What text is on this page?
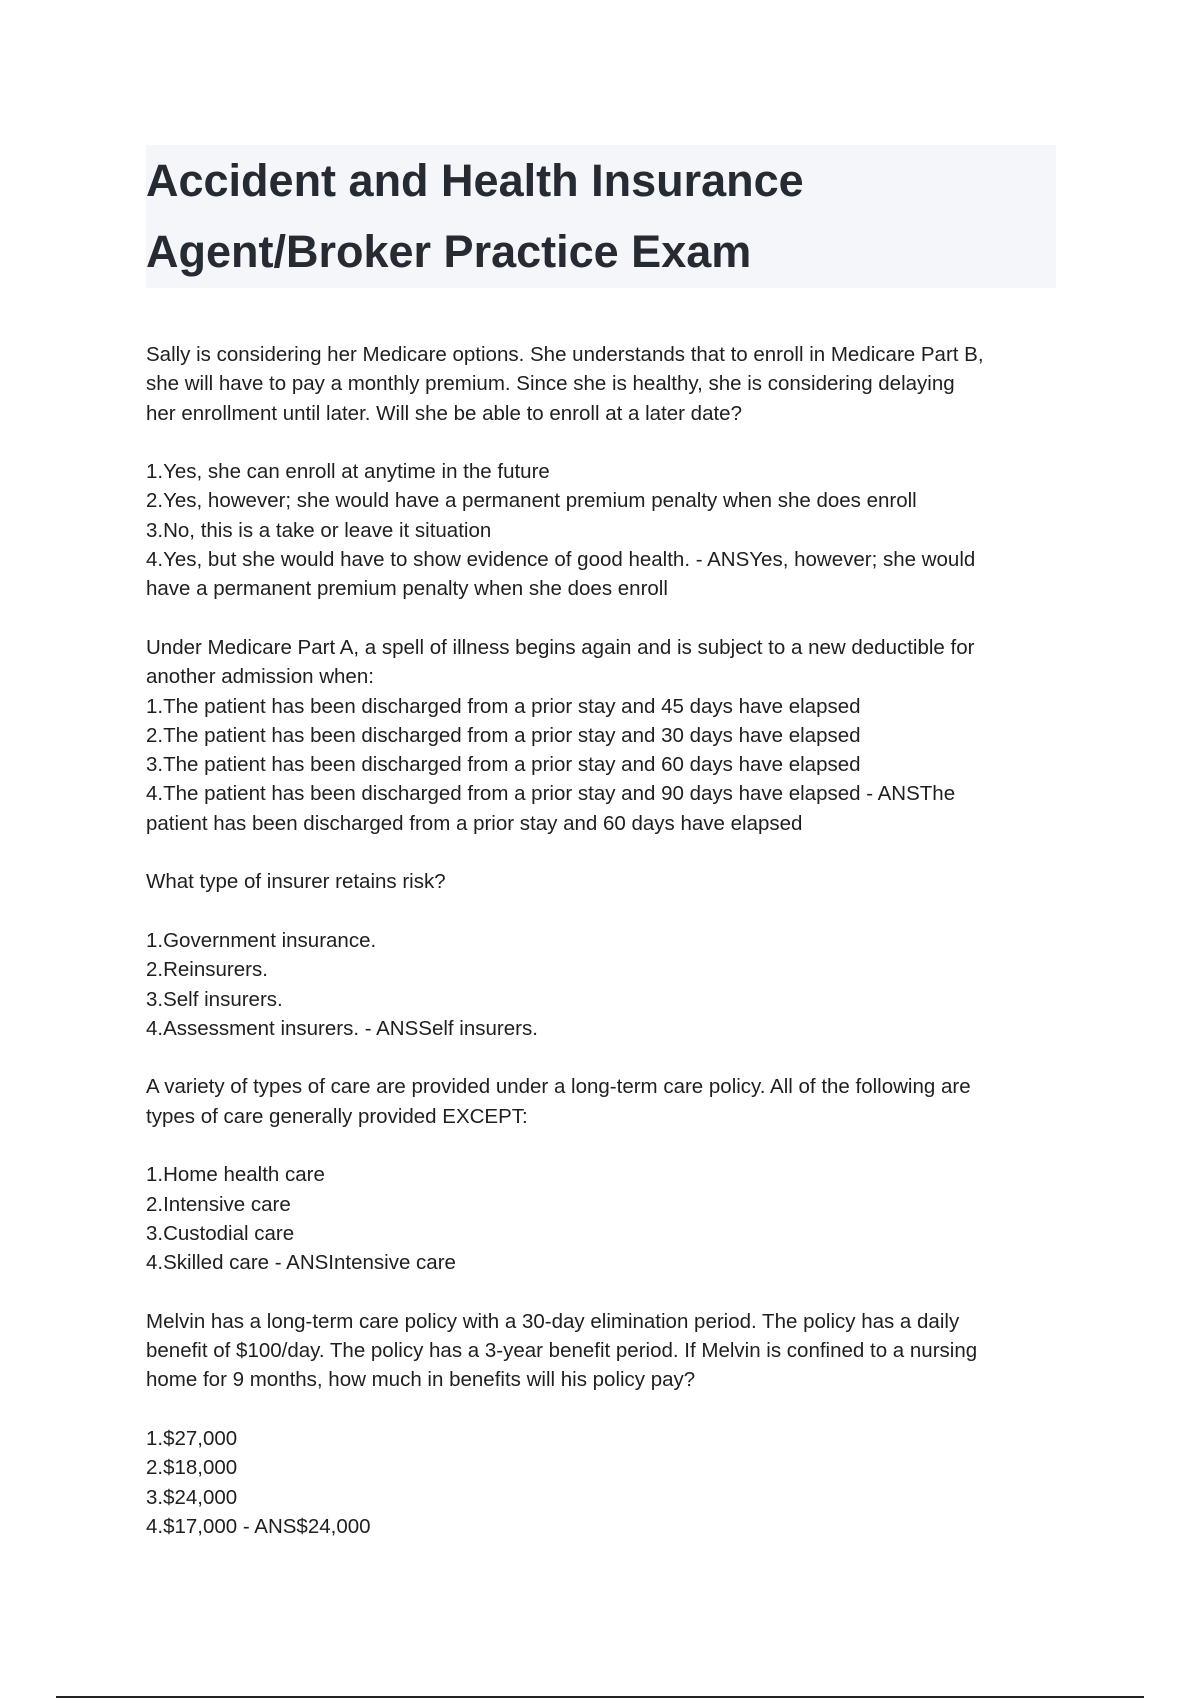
Accident and Health Insurance
Agent/Broker Practice Exam

Sally is considering her Medicare options. She understands that to enroll in Medicare Part B,
she will have to pay a monthly premium. Since she is healthy, she is considering delaying
her enrollment until later. Will she be able to enroll at a later date?

1.Yes, she can enroll at anytime in the future
2.Yes, however; she would have a permanent premium penalty when she does enroll
3.No, this is a take or leave it situation
4.Yes, but she would have to show evidence of good health. - ANSYes, however; she would
have a permanent premium penalty when she does enroll

Under Medicare Part A, a spell of illness begins again and is subject to a new deductible for
another admission when:

1.The patient has been discharged from a prior stay and 45 days have elapsed
2.The patient has been discharged from a prior stay and 30 days have elapsed
3.The patient has been discharged from a prior stay and 60 days have elapsed
4.The patient has been discharged from a prior stay and 90 days have elapsed - ANSThe
patient has been discharged from a prior stay and 60 days have elapsed

What type of insurer retains risk?

1.Government insurance.
2.Reinsurers.
3.Self insurers.
4.Assessment insurers. - ANSSelf insurers.

A variety of types of care are provided under a long-term care policy. All of the following are
types of care generally provided EXCEPT:

1.Home health care
2.Intensive care
3.Custodial care
4.Skilled care - ANSIntensive care

Melvin has a long-term care policy with a 30-day elimination period. The policy has a daily
benefit of $100/day. The policy has a 3-year benefit period. If Melvin is confined to a nursing
home for 9 months, how much in benefits will his policy pay?

1.$27,000
2.$18,000
3.$24,000
4.$17,000 - ANS$24,000
